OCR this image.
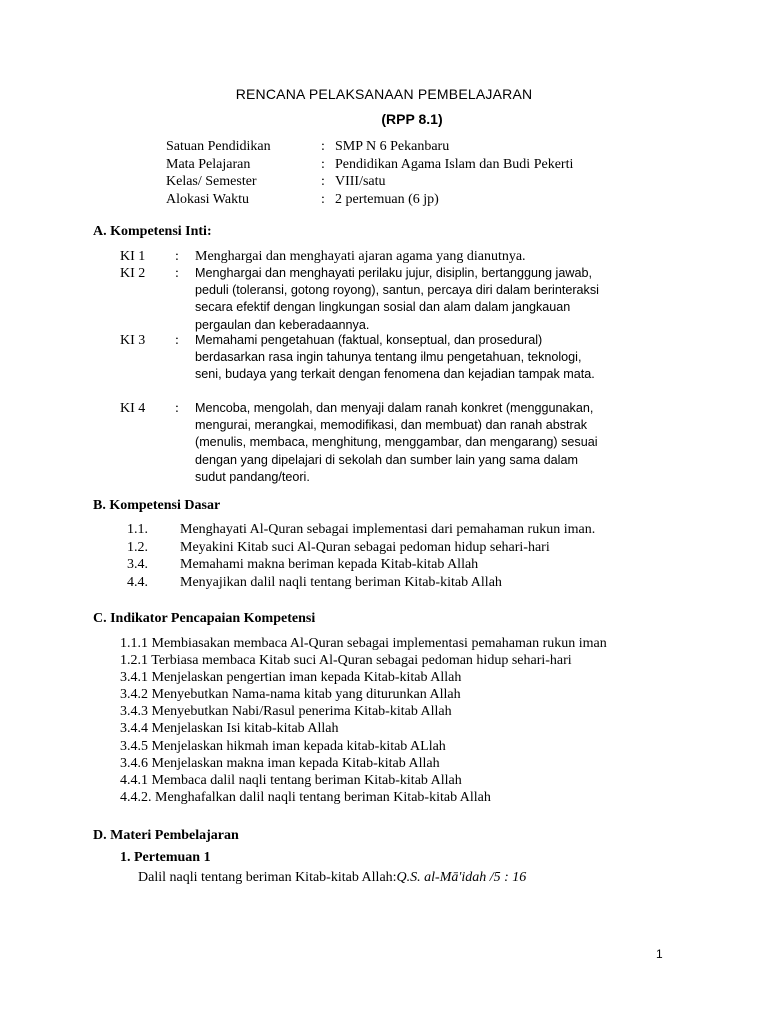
RENCANA PELAKSANAAN PEMBELAJARAN
(RPP 8.1)
Satuan Pendidikan	: SMP N 6 Pekanbaru
Mata Pelajaran	: Pendidikan Agama Islam dan Budi Pekerti
Kelas/ Semester	: VIII/satu
Alokasi Waktu	: 2 pertemuan (6 jp)
A. Kompetensi Inti:
KI 1	:	Menghargai dan menghayati ajaran agama yang dianutnya.
KI 2	:	Menghargai dan menghayati perilaku jujur, disiplin, bertanggung jawab,
peduli (toleransi, gotong royong), santun, percaya diri dalam berinteraksi
secara efektif dengan lingkungan sosial dan alam dalam jangkauan
pergaulan dan keberadaannya.
KI 3	:	Memahami pengetahuan (faktual, konseptual, dan prosedural)
berdasarkan rasa ingin tahunya tentang ilmu pengetahuan, teknologi,
seni, budaya yang terkait dengan fenomena dan kejadian tampak mata.
KI 4	:	Mencoba, mengolah, dan menyaji dalam ranah konkret (menggunakan,
mengurai, merangkai, memodifikasi, dan membuat) dan ranah abstrak
(menulis, membaca, menghitung, menggambar, dan mengarang) sesuai
dengan yang dipelajari di sekolah dan sumber lain yang sama dalam
sudut pandang/teori.
B. Kompetensi Dasar
1.1.	Menghayati Al-Quran sebagai implementasi dari pemahaman rukun iman.
1.2.	Meyakini Kitab suci Al-Quran sebagai pedoman hidup sehari-hari
3.4.	Memahami makna beriman kepada Kitab-kitab Allah
4.4.	Menyajikan dalil naqli tentang beriman Kitab-kitab Allah
C. Indikator Pencapaian Kompetensi
1.1.1 Membiasakan membaca Al-Quran sebagai implementasi pemahaman rukun iman
1.2.1 Terbiasa membaca Kitab suci Al-Quran sebagai pedoman hidup sehari-hari
3.4.1 Menjelaskan pengertian iman kepada Kitab-kitab Allah
3.4.2 Menyebutkan Nama-nama kitab yang diturunkan Allah
3.4.3 Menyebutkan Nabi/Rasul penerima Kitab-kitab Allah
3.4.4 Menjelaskan Isi kitab-kitab Allah
3.4.5 Menjelaskan hikmah iman kepada kitab-kitab ALlah
3.4.6 Menjelaskan makna iman kepada Kitab-kitab Allah
4.4.1 Membaca dalil naqli tentang beriman Kitab-kitab Allah
4.4.2. Menghafalkan dalil naqli tentang beriman Kitab-kitab Allah
D. Materi Pembelajaran
1. Pertemuan 1
Dalil naqli tentang beriman Kitab-kitab Allah:Q.S. al-Mā'idah /5 : 16
1
